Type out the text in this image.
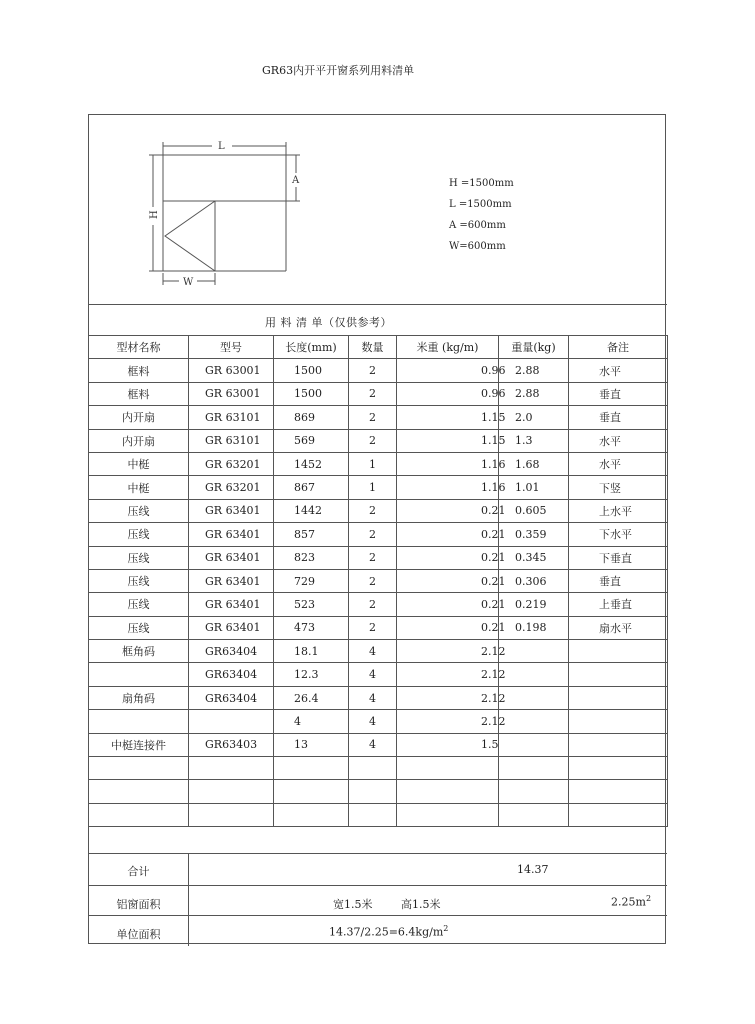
GR63内开平开窗系列用料清单
L
A
H
W
H =1500mm
L =1500mm
A =600mm
W=600mm
用 料 清 单（仅供参考）
型材名称	型号	长度(mm)	数量	米重 (kg/m)	重量(kg)	备注
框料	GR 63001	1500	2	0.96	2.88	水平
框料	GR 63001	1500	2	0.96	2.88	垂直
内开扇	GR 63101	869	2	1.15	2.0	垂直
内开扇	GR 63101	569	2	1.15	1.3	水平
中梃	GR 63201	1452	1	1.16	1.68	水平
中梃	GR 63201	867	1	1.16	1.01	下竖
压线	GR 63401	1442	2	0.21	0.605	上水平
压线	GR 63401	857	2	0.21	0.359	下水平
压线	GR 63401	823	2	0.21	0.345	下垂直
压线	GR 63401	729	2	0.21	0.306	垂直
压线	GR 63401	523	2	0.21	0.219	上垂直
压线	GR 63401	473	2	0.21	0.198	扇水平
框角码	GR63404	18.1	4	2.12		
	GR63404	12.3	4	2.12		
扇角码	GR63404	26.4	4	2.12		
		4	4	2.12		
中梃连接件	GR63403	13	4	1.5		

合计	14.37
铝窗面积	宽1.5米	高1.5米	$2.25m^2$
单位面积	$14.37/2.25=6.4kg/m^2$
